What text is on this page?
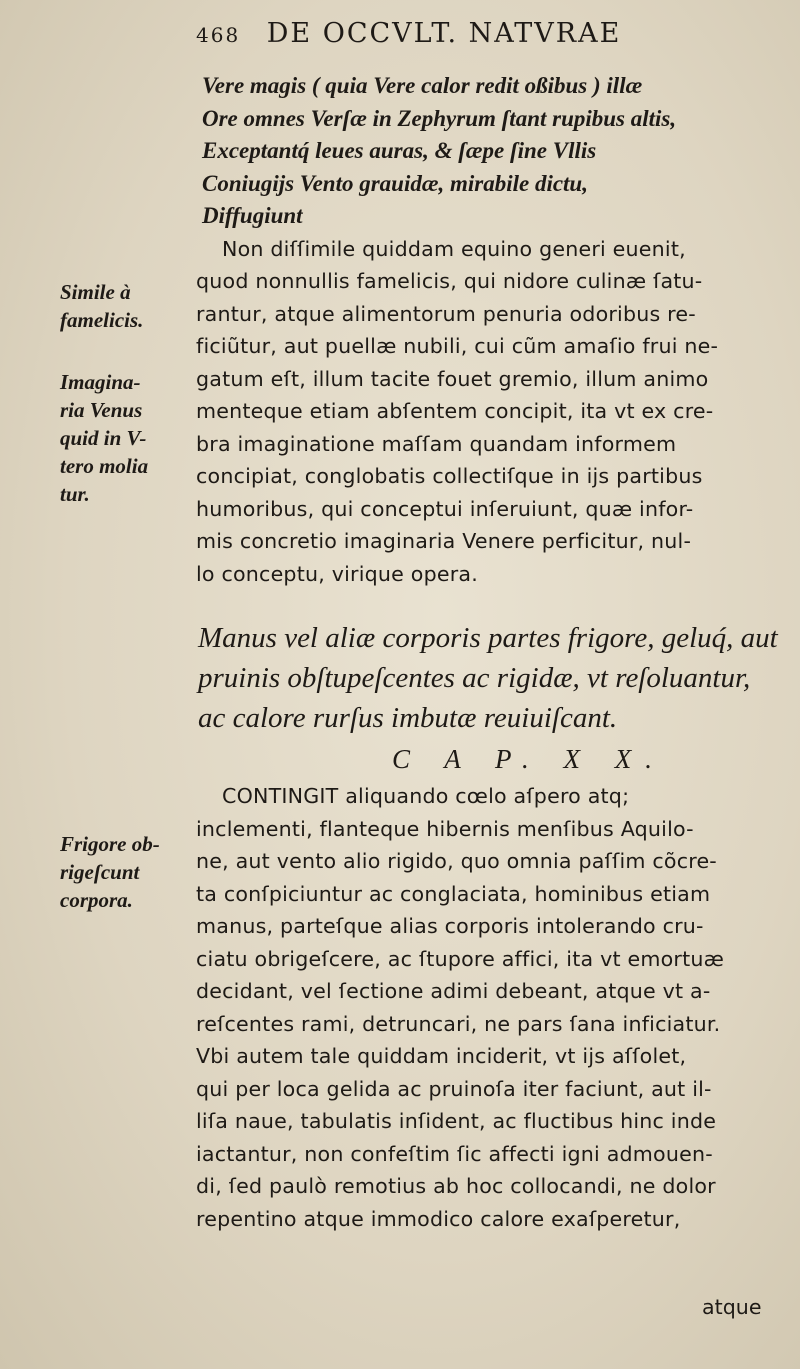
468 DE OCCVLT. NATVRAE
Vere magis ( quia Vere calor redit oßibus ) illæ
Ore omnes Verſæ in Zephyrum ſtant rupibus altis,
Exceptantq́ leues auras, & ſæpe ſine Vllis
Coniugijs Vento grauidæ, mirabile dictu,
Diffugiunt
Non diſſimile quiddam equino generi euenit,
quod nonnullis famelicis, qui nidore culinæ ſatu-
rantur, atque alimentorum penuria odoribus re-
ficiũtur, aut puellæ nubili, cui cũm amaſio frui ne-
gatum eſt, illum tacite fouet gremio, illum animo
menteque etiam abſentem concipit, ita vt ex cre-
bra imaginatione maſſam quandam informem
concipiat, conglobatis collectiſque in ijs partibus
humoribus, qui conceptui inſeruiunt, quæ infor-
mis concretio imaginaria Venere perficitur, nul-
lo conceptu, virique opera.
Manus vel aliæ corporis partes frigore, geluq́, aut
pruinis obſtupeſcentes ac rigidæ, vt reſoluantur,
ac calore rurſus imbutæ reuiuiſcant.
C A P. X X.
CONTINGIT aliquando cœlo aſpero atq;
inclementi, flanteque hibernis menſibus Aquilo-
ne, aut vento alio rigido, quo omnia paſſim cõcre-
ta conſpiciuntur ac conglaciata, hominibus etiam
manus, parteſque alias corporis intolerando cru-
ciatu obrigeſcere, ac ſtupore affici, ita vt emortuæ
decidant, vel ſectione adimi debeant, atque vt a-
reſcentes rami, detruncari, ne pars ſana inficiatur.
Vbi autem tale quiddam inciderit, vt ijs aſſolet,
qui per loca gelida ac pruinoſa iter faciunt, aut il-
liſa naue, tabulatis inſident, ac fluctibus hinc inde
iactantur, non confeſtim ſic affecti igni admouen-
di, ſed paulò remotius ab hoc collocandi, ne dolor
repentino atque immodico calore exaſperetur,
Simile à
famelicis.
Imagina-
ria Venus
quid in V-
tero molia
tur.
Frigore ob-
rigeſcunt
corpora.
atque
